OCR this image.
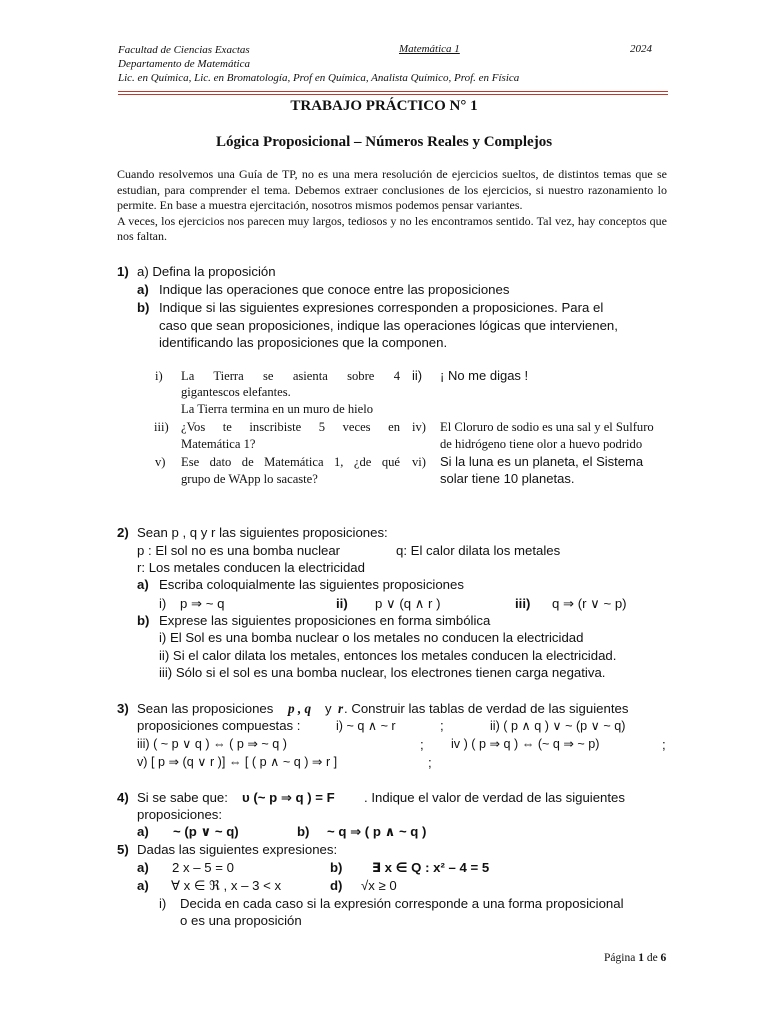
Facultad de Ciencias Exactas
Departamento de Matemática
Lic. en Química, Lic. en Bromatología, Prof en Química, Analista Químico, Prof. en Física
Matemática 1	2024
TRABAJO PRÁCTICO N° 1
Lógica Proposicional – Números Reales y Complejos

Cuando resolvemos una Guía de TP, no es una mera resolución de ejercicios sueltos, de distintos temas que se estudian, para comprender el tema. Debemos extraer conclusiones de los ejercicios, si nuestro razonamiento lo permite. En base a muestra ejercitación, nosotros mismos podemos pensar variantes.

A veces, los ejercicios nos parecen muy largos, tediosos y no les encontramos sentido. Tal vez, hay conceptos que nos faltan.

1) a) Defina la proposición
a) Indique las operaciones que conoce entre las proposiciones
b) Indique si las siguientes expresiones corresponden a proposiciones. Para el
caso que sean proposiciones, indique las operaciones lógicas que intervienen,
identificando las proposiciones que la componen.
i) La Tierra se asienta sobre 4
gigantescos elefantes.
La Tierra termina en un muro de hielo
ii) ¡ No me digas !
iii) ¿Vos te inscribiste 5 veces en
Matemática 1?
iv) El Cloruro de sodio es una sal y el Sulfuro
de hidrógeno tiene olor a huevo podrido
v) Ese dato de Matemática 1, ¿de qué
grupo de WApp lo sacaste?
vi) Si la luna es un planeta, el Sistema
solar tiene 10 planetas.
2) Sean p , q y r las siguientes proposiciones:
p : El sol no es una bomba nuclear	q: El calor dilata los metales
r: Los metales conducen la electricidad
a) Escriba coloquialmente las siguientes proposiciones
i) p ⇒ ~ q	ii) p ∨ (q ∧ r )	iii) q ⇒ (r ∨ ~ p)
b) Exprese las siguientes proposiciones en forma simbólica
i) El Sol es una bomba nuclear o los metales no conducen la electricidad
ii) Si el calor dilata los metales, entonces los metales conducen la electricidad.
iii) Sólo si el sol es una bomba nuclear, los electrones tienen carga negativa.
3) Sean las proposiciones p , q y r . Construir las tablas de verdad de las siguientes
proposiciones compuestas :	i) ~ q ∧ ~ r	;	ii) ( p ∧ q ) ∨ ~ (p ∨ ~ q)
iii) ( ~ p ∨ q ) ⇔ ( p ⇒ ~ q )	; iv ) ( p ⇒ q ) ⇔ (~ q ⇒ ~ p)	;
v) [ p ⇒ (q ∨ r )] ⇔ [ ( p ∧ ~ q ) ⇒ r ]	;
4) Si se sabe que: υ (~ p ⇒ q ) = F . Indique el valor de verdad de las siguientes
proposiciones:
a) ~ (p ∨ ~ q)	b) ~ q ⇒ ( p ∧ ~ q )
5) Dadas las siguientes expresiones:
a) 2 x – 5 = 0	b) ∃ x ∈ Q : x² – 4 = 5
a) ∀ x ∈ ℜ , x – 3 < x	d) √x ≥ 0
i) Decida en cada caso si la expresión corresponde a una forma proposicional
o es una proposición
Página 1 de 6
